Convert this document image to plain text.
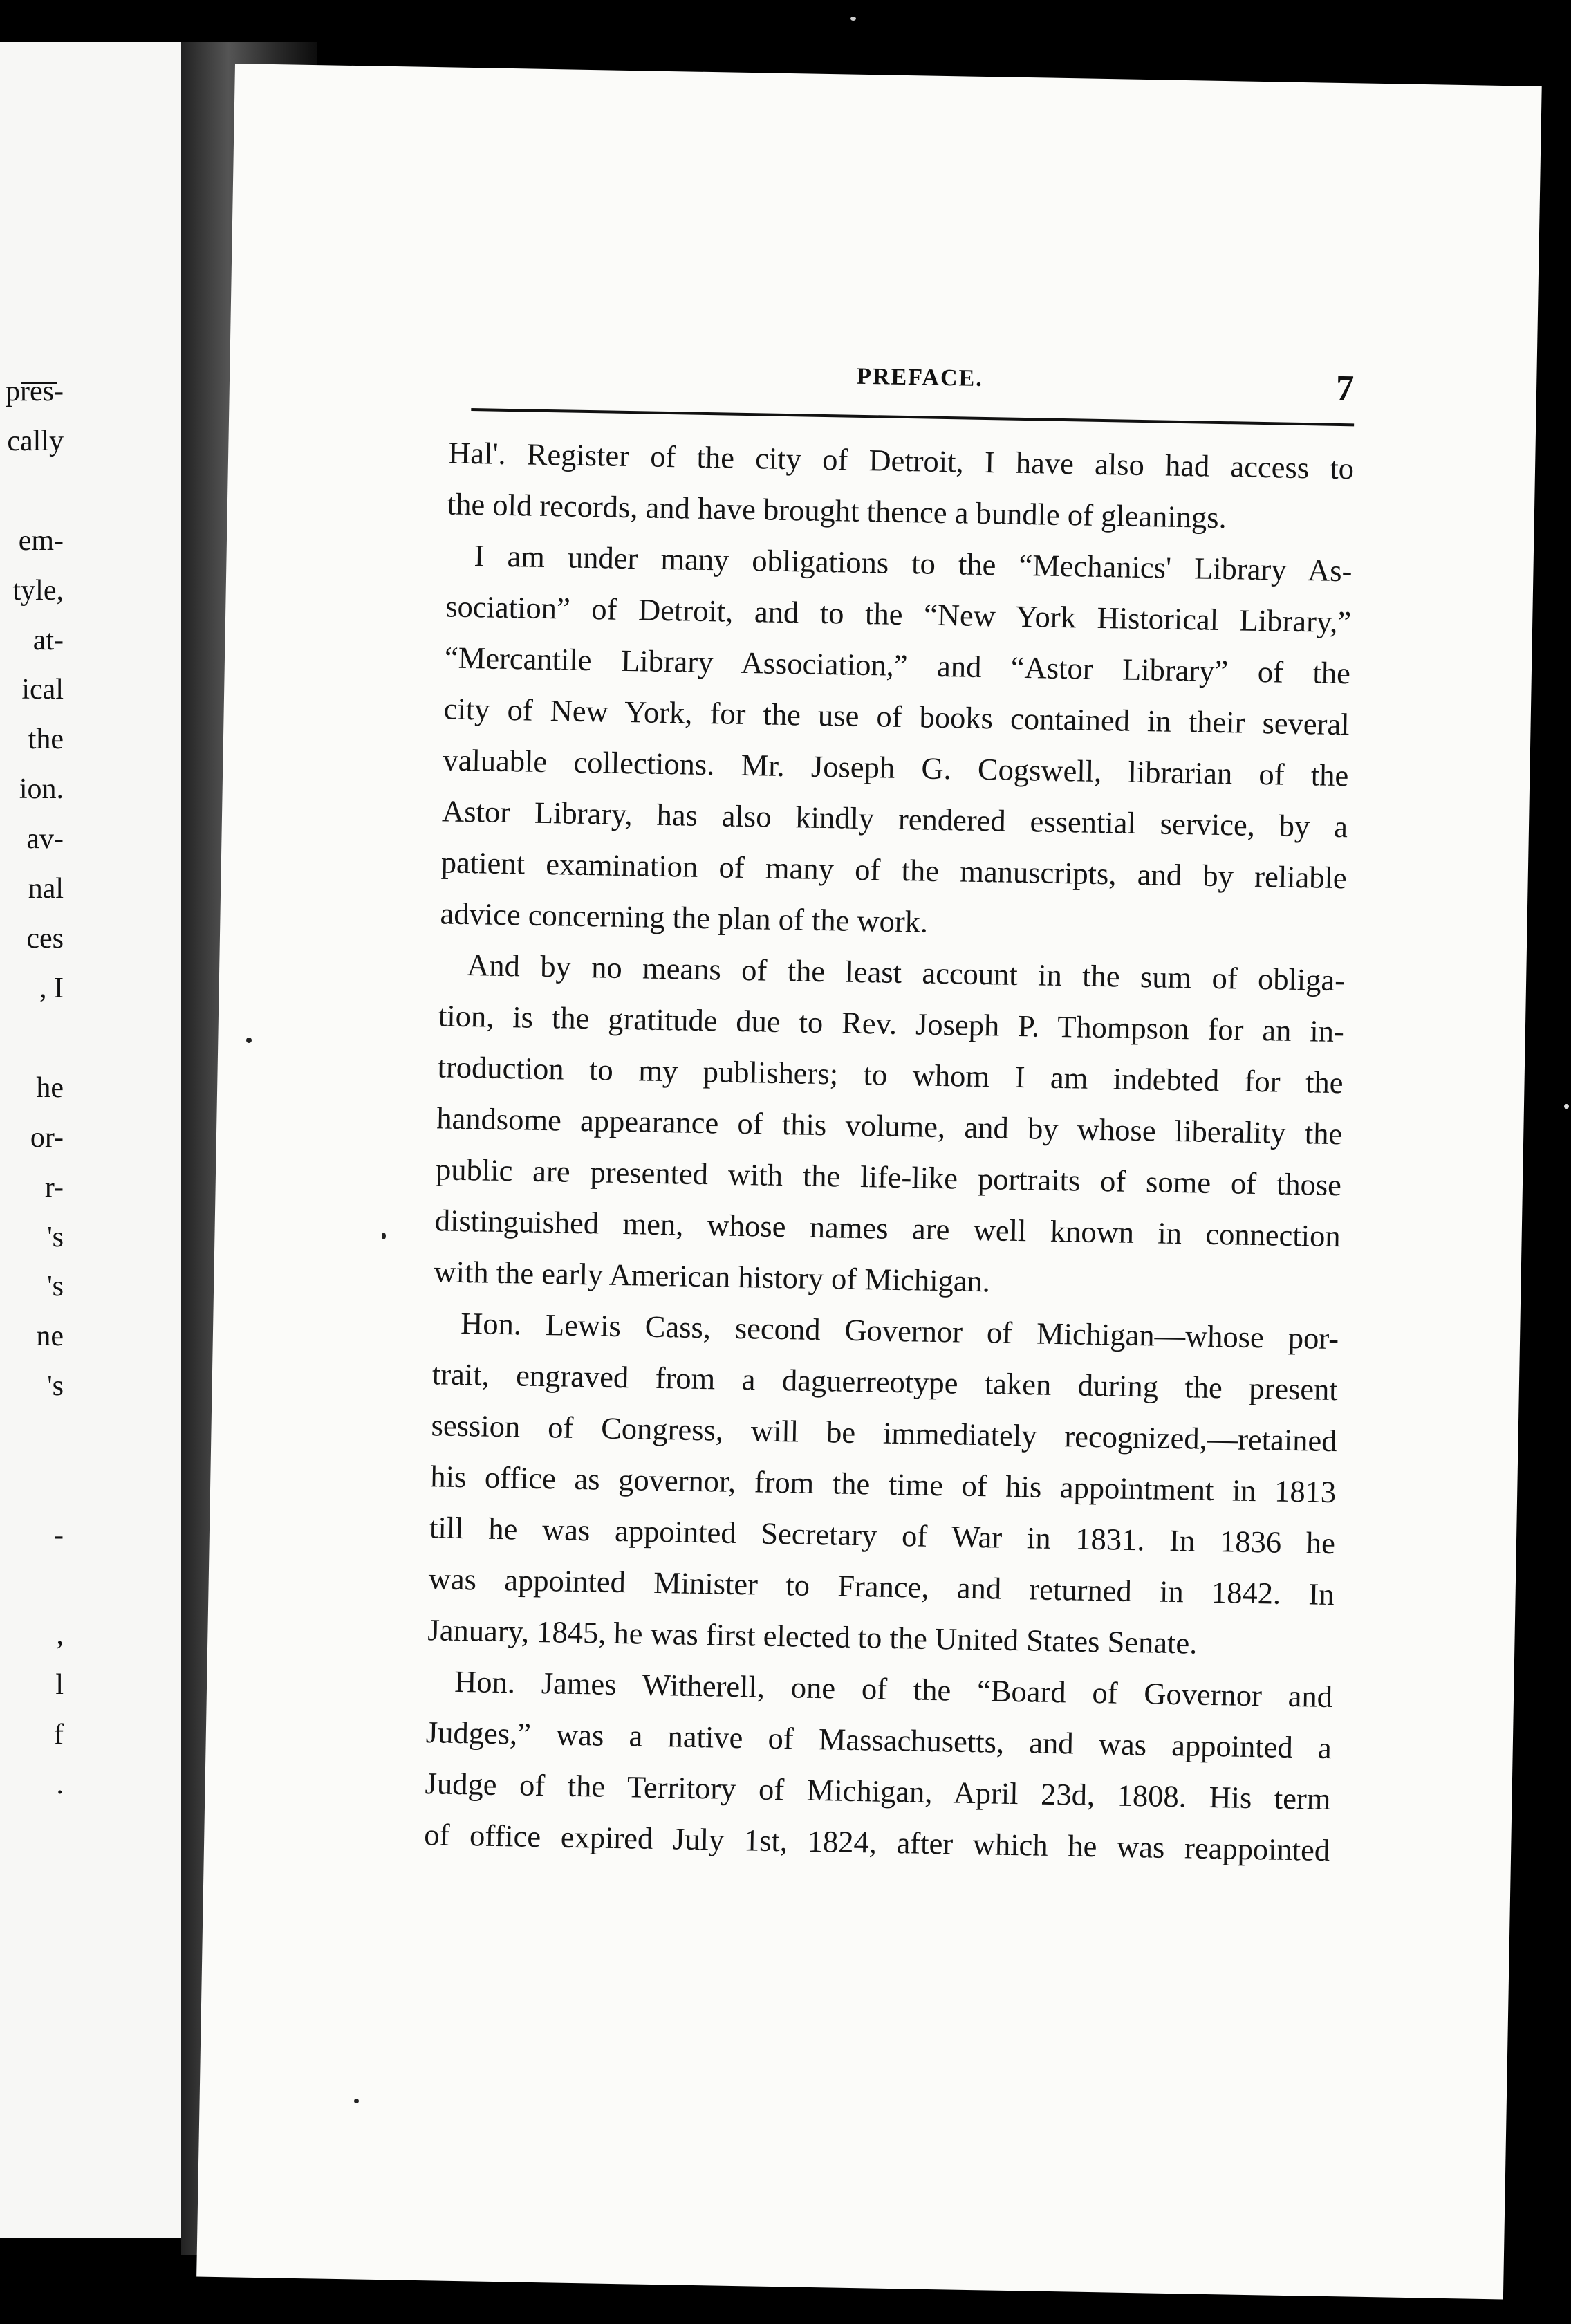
pres-
cally
em-
tyle,
at-
ical
the
ion.
av-
nal
ces
, I
he
or-
r-
's
's
ne
's
-
,
l
f
.
PREFACE.	7
Hal'. Register of the city of Detroit, I have also had access to
the old records, and have brought thence a bundle of gleanings.
I am under many obligations to the “Mechanics' Library As-
sociation” of Detroit, and to the “New York Historical Library,”
“Mercantile Library Association,” and “Astor Library” of the
city of New York, for the use of books contained in their several
valuable collections. Mr. Joseph G. Cogswell, librarian of the
Astor Library, has also kindly rendered essential service, by a
patient examination of many of the manuscripts, and by reliable
advice concerning the plan of the work.
And by no means of the least account in the sum of obliga-
tion, is the gratitude due to Rev. Joseph P. Thompson for an in-
troduction to my publishers; to whom I am indebted for the
handsome appearance of this volume, and by whose liberality the
public are presented with the life-like portraits of some of those
distinguished men, whose names are well known in connection
with the early American history of Michigan.
Hon. Lewis Cass, second Governor of Michigan—whose por-
trait, engraved from a daguerreotype taken during the present
session of Congress, will be immediately recognized,—retained
his office as governor, from the time of his appointment in 1813
till he was appointed Secretary of War in 1831. In 1836 he
was appointed Minister to France, and returned in 1842. In
January, 1845, he was first elected to the United States Senate.
Hon. James Witherell, one of the “Board of Governor and
Judges,” was a native of Massachusetts, and was appointed a
Judge of the Territory of Michigan, April 23d, 1808. His term
of office expired July 1st, 1824, after which he was reappointed
